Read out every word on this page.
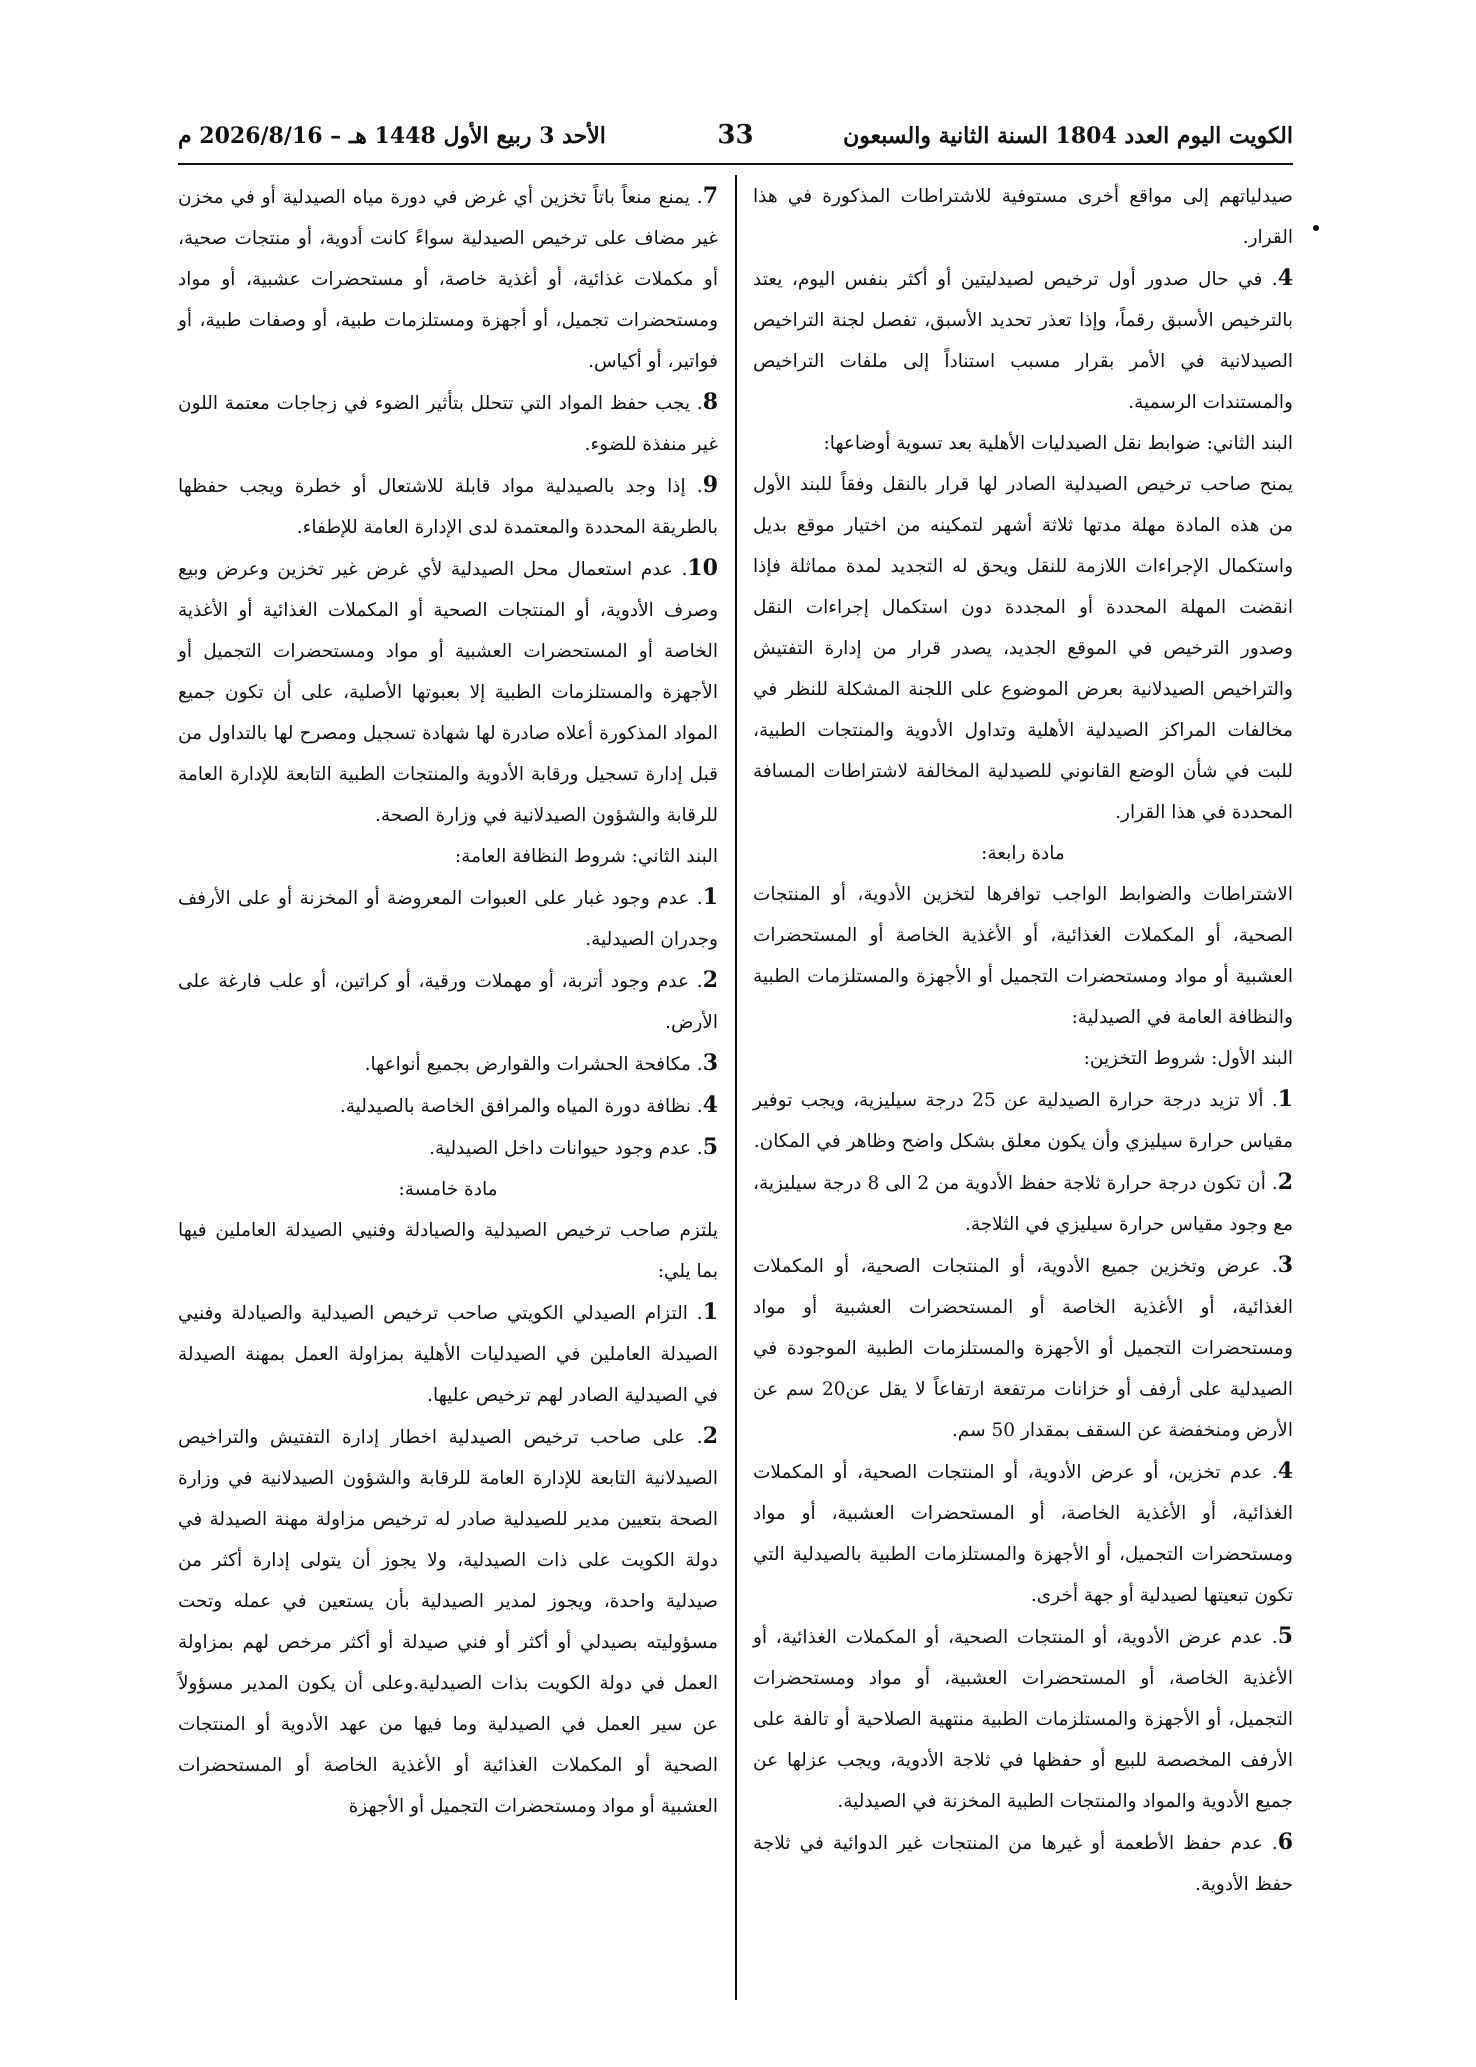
الأحد 3 ربيع الأول 1448 هـ – 2026/8/16 م	33	الكويت اليوم العدد 1804 السنة الثانية والسبعون

صيدلياتهم إلى مواقع أخرى مستوفية للاشتراطات المذكورة في هذا القرار.

4. في حال صدور أول ترخيص لصيدليتين أو أكثر بنفس اليوم، يعتد بالترخيص الأسبق رقماً، وإذا تعذر تحديد الأسبق، تفصل لجنة التراخيص الصيدلانية في الأمر بقرار مسبب استناداً إلى ملفات التراخيص والمستندات الرسمية.

البند الثاني: ضوابط نقل الصيدليات الأهلية بعد تسوية أوضاعها:

يمنح صاحب ترخيص الصيدلية الصادر لها قرار بالنقل وفقاً للبند الأول من هذه المادة مهلة مدتها ثلاثة أشهر لتمكينه من اختيار موقع بديل واستكمال الإجراءات اللازمة للنقل ويحق له التجديد لمدة مماثلة فإذا انقضت المهلة المحددة أو المجددة دون استكمال إجراءات النقل وصدور الترخيص في الموقع الجديد، يصدر قرار من إدارة التفتيش والتراخيص الصيدلانية بعرض الموضوع على اللجنة المشكلة للنظر في مخالفات المراكز الصيدلية الأهلية وتداول الأدوية والمنتجات الطبية، للبت في شأن الوضع القانوني للصيدلية المخالفة لاشتراطات المسافة المحددة في هذا القرار.

مادة رابعة:

الاشتراطات والضوابط الواجب توافرها لتخزين الأدوية، أو المنتجات الصحية، أو المكملات الغذائية، أو الأغذية الخاصة أو المستحضرات العشبية أو مواد ومستحضرات التجميل أو الأجهزة والمستلزمات الطبية والنظافة العامة في الصيدلية:

البند الأول: شروط التخزين:

1. ألا تزيد درجة حرارة الصيدلية عن 25 درجة سيليزية، ويجب توفير مقياس حرارة سيليزي وأن يكون معلق بشكل واضح وظاهر في المكان.

2. أن تكون درجة حرارة ثلاجة حفظ الأدوية من 2 الى 8 درجة سيليزية، مع وجود مقياس حرارة سيليزي في الثلاجة.

3. عرض وتخزين جميع الأدوية، أو المنتجات الصحية، أو المكملات الغذائية، أو الأغذية الخاصة أو المستحضرات العشبية أو مواد ومستحضرات التجميل أو الأجهزة والمستلزمات الطبية الموجودة في الصيدلية على أرفف أو خزانات مرتفعة ارتفاعاً لا يقل عن20 سم عن الأرض ومنخفضة عن السقف بمقدار 50 سم.

4. عدم تخزين، أو عرض الأدوية، أو المنتجات الصحية، أو المكملات الغذائية، أو الأغذية الخاصة، أو المستحضرات العشبية، أو مواد ومستحضرات التجميل، أو الأجهزة والمستلزمات الطبية بالصيدلية التي تكون تبعيتها لصيدلية أو جهة أخرى.

5. عدم عرض الأدوية، أو المنتجات الصحية، أو المكملات الغذائية، أو الأغذية الخاصة، أو المستحضرات العشبية، أو مواد ومستحضرات التجميل، أو الأجهزة والمستلزمات الطبية منتهية الصلاحية أو تالفة على الأرفف المخصصة للبيع أو حفظها في ثلاجة الأدوية، ويجب عزلها عن جميع الأدوية والمواد والمنتجات الطبية المخزنة في الصيدلية.

6. عدم حفظ الأطعمة أو غيرها من المنتجات غير الدوائية في ثلاجة حفظ الأدوية.

7. يمنع منعاً باتاً تخزين أي غرض في دورة مياه الصيدلية أو في مخزن غير مضاف على ترخيص الصيدلية سواءً كانت أدوية، أو منتجات صحية، أو مكملات غذائية، أو أغذية خاصة، أو مستحضرات عشبية، أو مواد ومستحضرات تجميل، أو أجهزة ومستلزمات طبية، أو وصفات طبية، أو فواتير، أو أكياس.

8. يجب حفظ المواد التي تتحلل بتأثير الضوء في زجاجات معتمة اللون غير منفذة للضوء.

9. إذا وجد بالصيدلية مواد قابلة للاشتعال أو خطرة ويجب حفظها بالطريقة المحددة والمعتمدة لدى الإدارة العامة للإطفاء.

10. عدم استعمال محل الصيدلية لأي غرض غير تخزين وعرض وبيع وصرف الأدوية، أو المنتجات الصحية أو المكملات الغذائية أو الأغذية الخاصة أو المستحضرات العشبية أو مواد ومستحضرات التجميل أو الأجهزة والمستلزمات الطبية إلا بعبوتها الأصلية، على أن تكون جميع المواد المذكورة أعلاه صادرة لها شهادة تسجيل ومصرح لها بالتداول من قبل إدارة تسجيل ورقابة الأدوية والمنتجات الطبية التابعة للإدارة العامة للرقابة والشؤون الصيدلانية في وزارة الصحة.

البند الثاني: شروط النظافة العامة:

1. عدم وجود غبار على العبوات المعروضة أو المخزنة أو على الأرفف وجدران الصيدلية.

2. عدم وجود أتربة، أو مهملات ورقية، أو كراتين، أو علب فارغة على الأرض.

3. مكافحة الحشرات والقوارض بجميع أنواعها.

4. نظافة دورة المياه والمرافق الخاصة بالصيدلية.

5. عدم وجود حيوانات داخل الصيدلية.

مادة خامسة:

يلتزم صاحب ترخيص الصيدلية والصيادلة وفنيي الصيدلة العاملين فيها بما يلي:

1. التزام الصيدلي الكويتي صاحب ترخيص الصيدلية والصيادلة وفنيي الصيدلة العاملين في الصيدليات الأهلية بمزاولة العمل بمهنة الصيدلة في الصيدلية الصادر لهم ترخيص عليها.

2. على صاحب ترخيص الصيدلية اخطار إدارة التفتيش والتراخيص الصيدلانية التابعة للإدارة العامة للرقابة والشؤون الصيدلانية في وزارة الصحة بتعيين مدير للصيدلية صادر له ترخيص مزاولة مهنة الصيدلة في دولة الكويت على ذات الصيدلية، ولا يجوز أن يتولى إدارة أكثر من صيدلية واحدة، ويجوز لمدير الصيدلية بأن يستعين في عمله وتحت مسؤوليته بصيدلي أو أكثر أو فني صيدلة أو أكثر مرخص لهم بمزاولة العمل في دولة الكويت بذات الصيدلية.وعلى أن يكون المدير مسؤولاً عن سير العمل في الصيدلية وما فيها من عهد الأدوية أو المنتجات الصحية أو المكملات الغذائية أو الأغذية الخاصة أو المستحضرات العشبية أو مواد ومستحضرات التجميل أو الأجهزة
